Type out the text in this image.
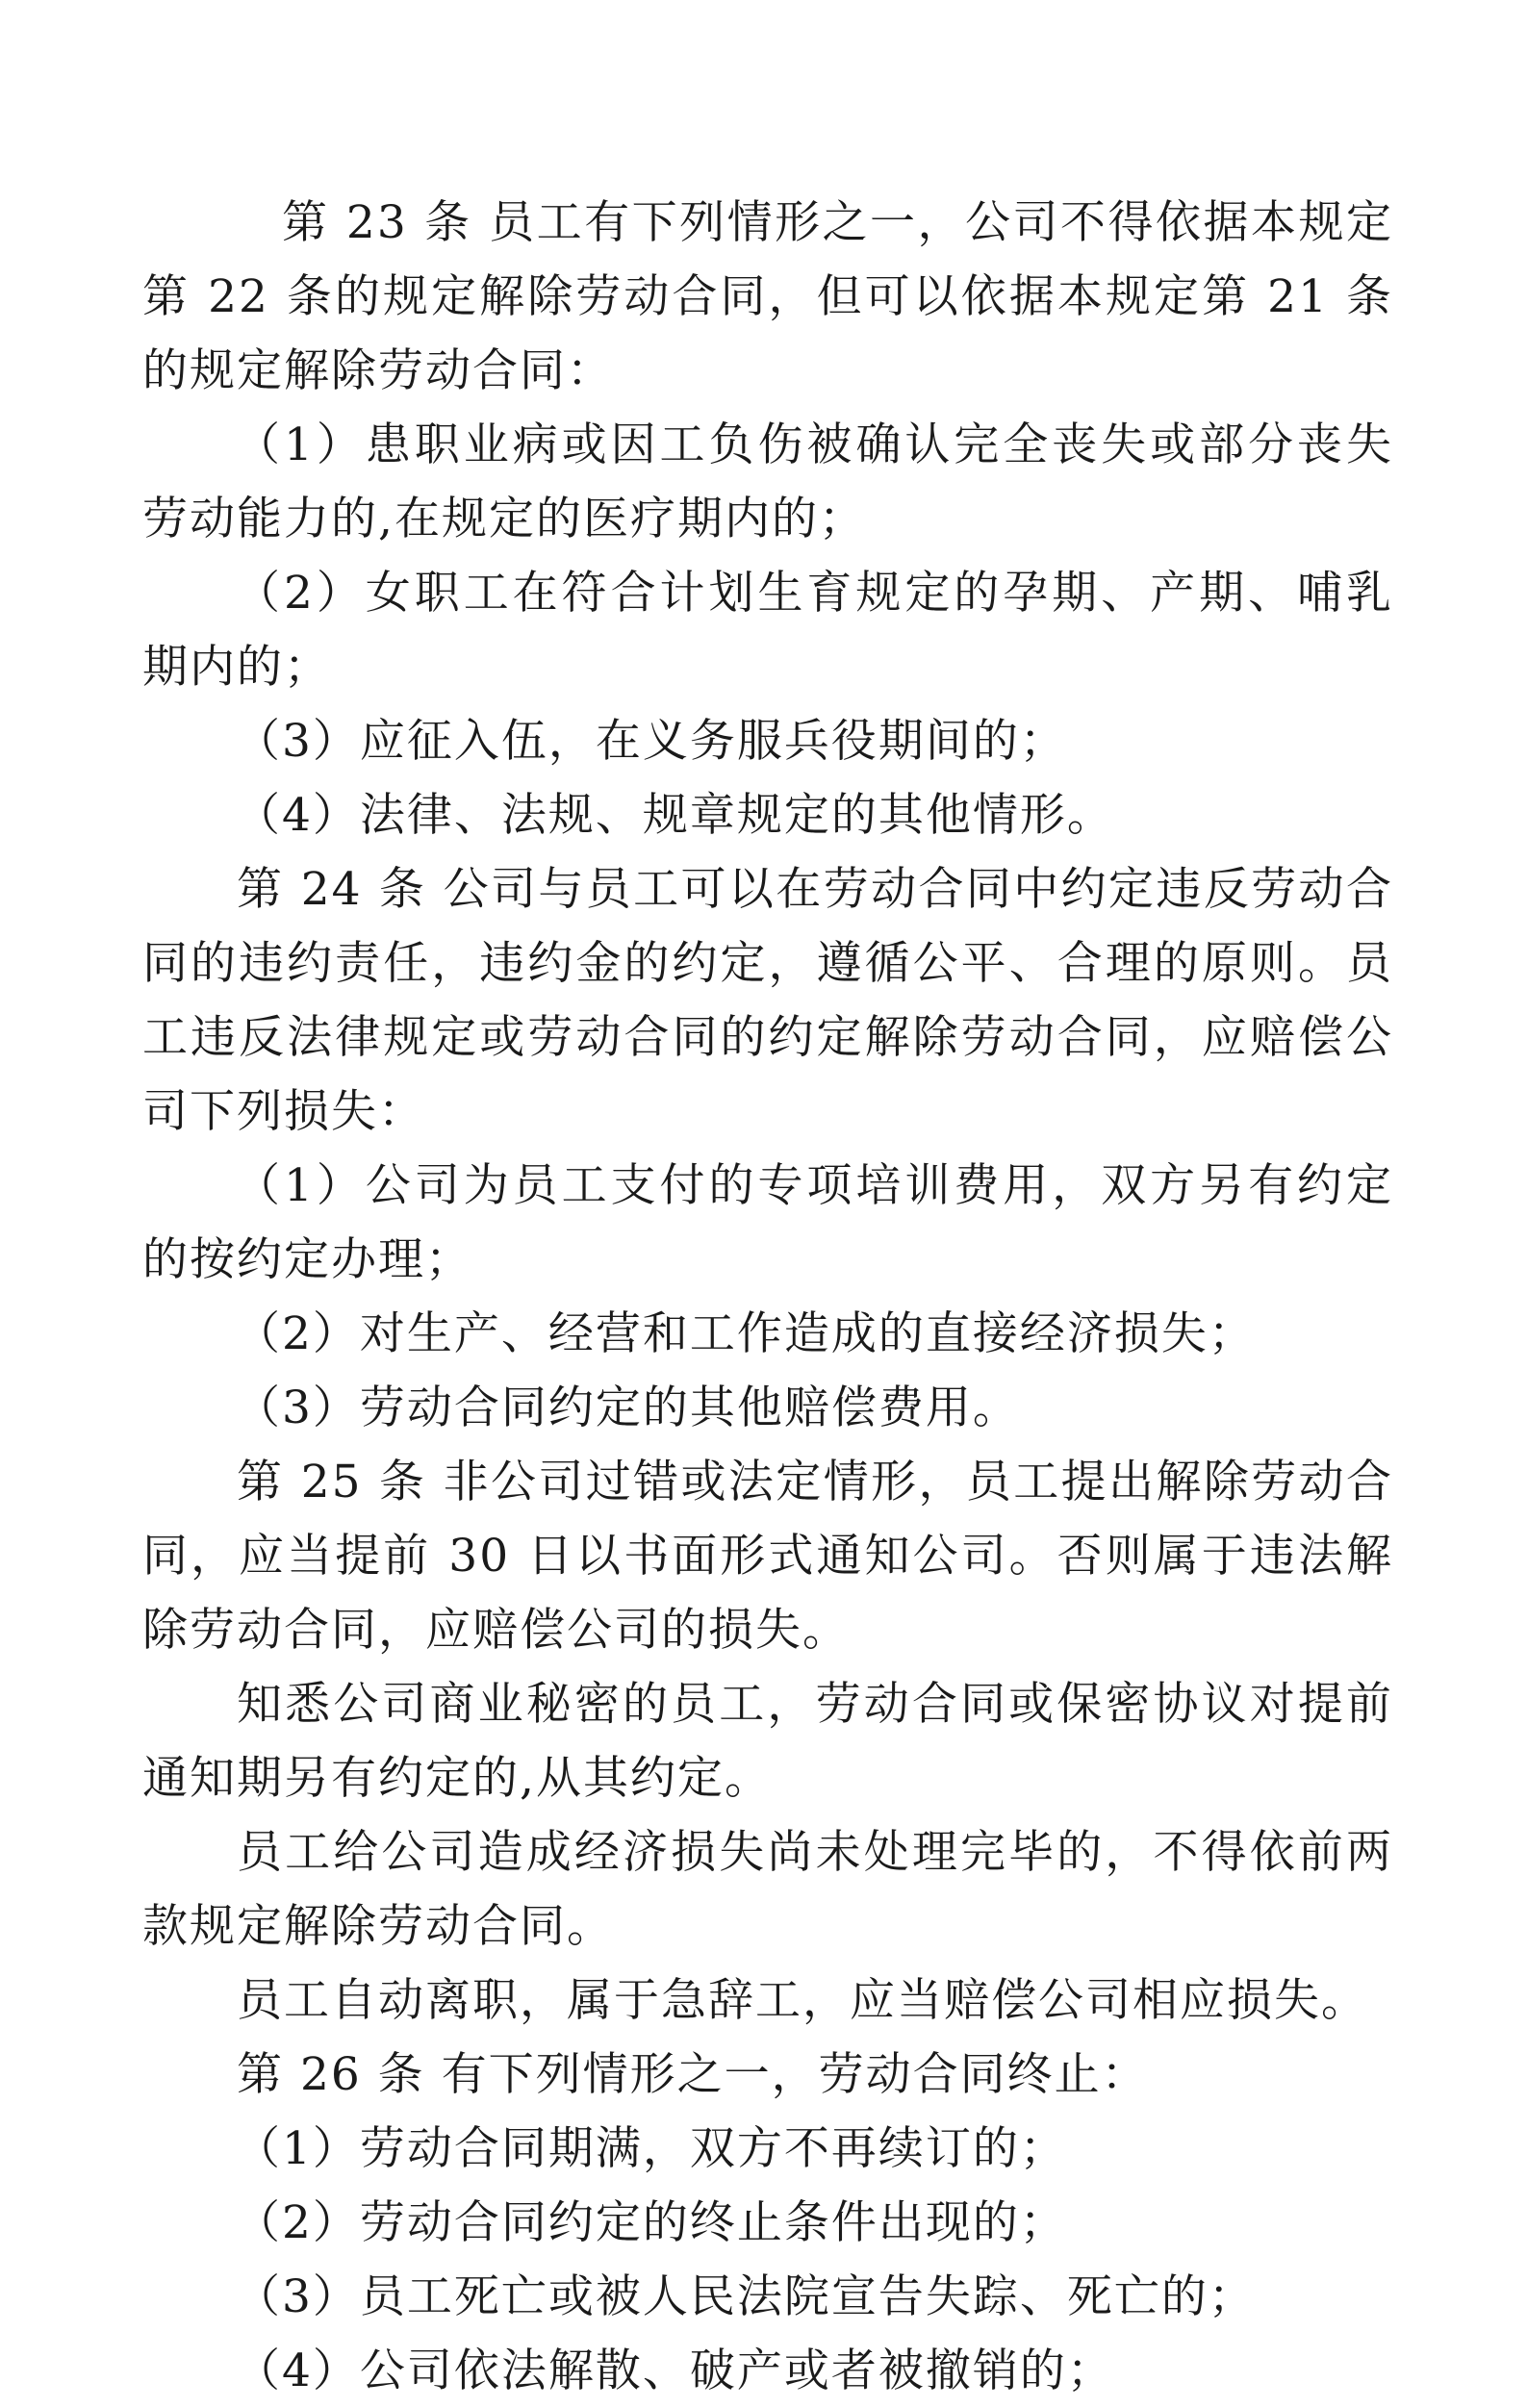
第 23 条 员工有下列情形之一，公司不得依据本规定第 22 条的规定解除劳动合同，但可以依据本规定第 21 条的规定解除劳动合同：

（1）患职业病或因工负伤被确认完全丧失或部分丧失劳动能力的,在规定的医疗期内的；

（2）女职工在符合计划生育规定的孕期、产期、哺乳期内的；

（3）应征入伍，在义务服兵役期间的；

（4）法律、法规、规章规定的其他情形。

第 24 条 公司与员工可以在劳动合同中约定违反劳动合同的违约责任，违约金的约定，遵循公平、合理的原则。员工违反法律规定或劳动合同的约定解除劳动合同，应赔偿公司下列损失：

（1）公司为员工支付的专项培训费用，双方另有约定的按约定办理；

（2）对生产、经营和工作造成的直接经济损失；

（3）劳动合同约定的其他赔偿费用。

第 25 条 非公司过错或法定情形，员工提出解除劳动合同，应当提前 30 日以书面形式通知公司。否则属于违法解除劳动合同，应赔偿公司的损失。

知悉公司商业秘密的员工，劳动合同或保密协议对提前通知期另有约定的,从其约定。

员工给公司造成经济损失尚未处理完毕的，不得依前两款规定解除劳动合同。

员工自动离职，属于急辞工，应当赔偿公司相应损失。

第 26 条 有下列情形之一，劳动合同终止：

（1）劳动合同期满，双方不再续订的；

（2）劳动合同约定的终止条件出现的；

（3）员工死亡或被人民法院宣告失踪、死亡的；

（4）公司依法解散、破产或者被撤销的；
